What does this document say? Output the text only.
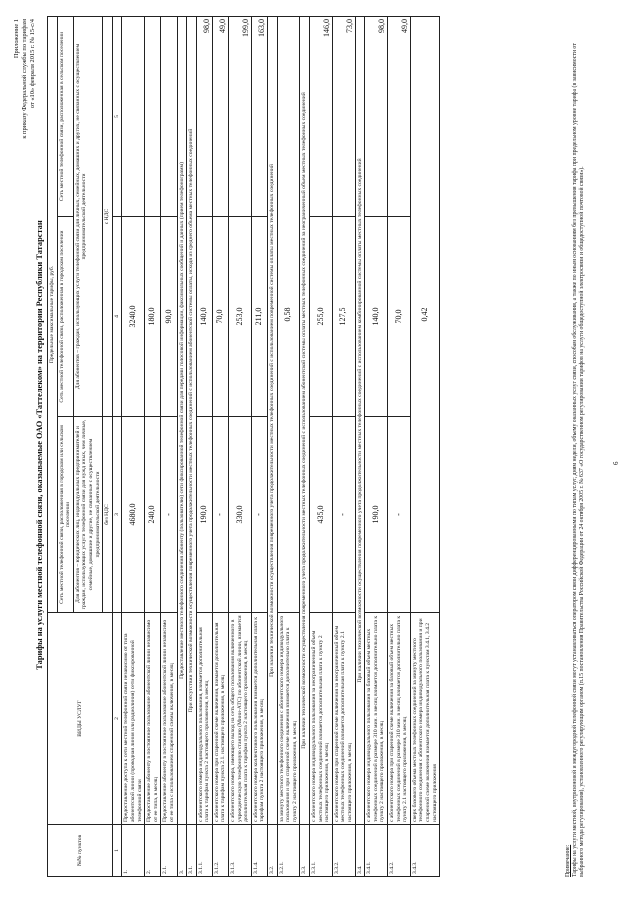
Приложение 1 к приказу Федеральной службы по тарифам от «10» февраля 2015 г. № 15-с/4
Тарифы на услуги местной телефонной связи, оказываемые ОАО «Таттелеком» на территории Республики Татарстан
№№ пунктов	ВИДЫ УСЛУГ	Предельные максимальные тарифы, руб.		
		Сеть местной телефонной связи, расположенная в городском или сельском поселении	Сеть местной телефонной связи, расположенная в городском поселении	Сеть местной телефонной связи, расположенная в сельском поселении
		Для абонентов – юридических лиц, индивидуальных предпринимателей и граждан, использующих услуги телефонной связи для нужд иных, чем личные, семейные, домашние и другие, не связанные с осуществлением предпринимательской деятельности	Для абонентов – граждан, использующих услуги телефонной связи для личных, семейных, домашних и других, не связанных с осуществлением предпринимательской деятельности	
		без НДС	с НДС	
1	2	3	4	5
1.	Предоставление доступа к сети местной телефонной связи независимо от типа абонентской линии (проводная линия или радиолиния) сети фиксированной телефонной связи	4680,0	3240,0	
2.	Предоставление абоненту в постоянное пользование абонентской линии независимо от ее типа, в месяц	240,0	180,0	
2.1.	Предоставление абоненту в постоянное пользование абонентской линии независимо от ее типа с использованием спаренной схемы включения, в месяц	-	90,0	
3.	Предоставление местного телефонного соединения абоненту (пользователю) сети фиксированной телефонной связи для передачи голосовой информации, факсимильных сообщений и данных (прием телефонограмм)			
3.1.	При отсутствии технической возможности осуществления повременного учета продолжительности местных телефонных соединений с использованием абонентской системы оплаты, исходя из среднего объема местных телефонных соединений			
3.1.1.	с абонентского номера индивидуального пользования, взимается дополнительная плата к тарифам пункта 2 настоящего приложения, в месяц	190,0	140,0	98,0
3.1.2.	с абонентского номера при спаренной схеме включения, взимается дополнительная плата к тарифам пункта 2.1. настоящего приложения, в месяц	-	70,0	49,0
3.1.3.	с абонентского номера, имеющего выход на сеть общего пользования включенного в учрежденческую телефонную станцию (Мини-АТС) по абонентской линии, взимается дополнительная плата к тарифам пункта 2 настоящего приложения, в месяц	330,0	253,0	199,0
3.1.4.	с абонентского номера коллективного пользования взимается дополнительная плата к тарифам пункта 2 настоящего приложения, в месяц	-	211,0	163,0
3.2.	При наличии технической возможности осуществления повременного учета продолжительности местных телефонных соединений с использованием повременной системы оплаты местных телефонных соединений			
3.2.1.	за минуту местного телефонного соединения с абонентского номера индивидуального пользования и при спаренной схеме включения взимается дополнительно плата к пункту 2 настоящего приложения, в месяц	0,58		
3.3.	При наличии технической возможности осуществления повременного учета продолжительности местных телефонных соединений с использованием абонентской системы оплаты местных телефонных соединений за неограниченный объем местных телефонных соединений			
3.3.1.	с абонентского номера индивидуального пользования за неограниченный объем местных телефонных соединений взимается дополнительная плата к пункту 2 настоящего приложения, в месяц	435,0	255,0	146,0
3.3.2.	с абонентского номера при спаренной схеме включения за неограниченный объем местных телефонных соединений взимается дополнительная плата к пункту 2.1 настоящего приложения, в месяц	-	127,5	73,0
3.4.	При наличии технической возможности осуществления повременного учета продолжительности местных телефонных соединений с использованием комбинированной системы оплаты местных телефонных соединений			
3.4.1.	с абонентского номера индивидуального пользования за базовый объем местных телефонных соединений в размере 310 мин. в месяц взимается дополнительно плата к пункту 2 настоящего приложения, в месяц	190,0	140,0	98,0
3.4.2.	с абонентского номера при спаренной схеме включения за базовый объем местных телефонных соединений в размере 310 мин. в месяц взимается дополнительно плата к пункту 2.1 настоящего приложения, в месяц	-	70,0	49,0
3.4.3.	сверх базового объема местных телефонных соединений за минуту местного телефонного соединения с абонентского номера индивидуального пользования и при спаренной схеме включения взимается дополнительная плата к пунктам 3.4.1, 3.4.2 настоящего приложения	0,42		
Примечание: Тарифы на услуги местной, внутризоновой и междугородной телефонной связи могут устанавливаться оператором связи дифференцированными по типам услуг, дням недели, объему оказанных услуг связи, способам обслуживания, а также по иным основаниям без превышения тарифа при предельном уровне тарифа (в зависимости от выбранного метода регулирования), установленного регулирующим органом (п.15 постановления Правительства Российской Федерации от 24 октября 2005 г. № 637 «О государственном регулировании тарифов на услуги общедоступной электросвязи и общедоступной почтовой связи»).	6
